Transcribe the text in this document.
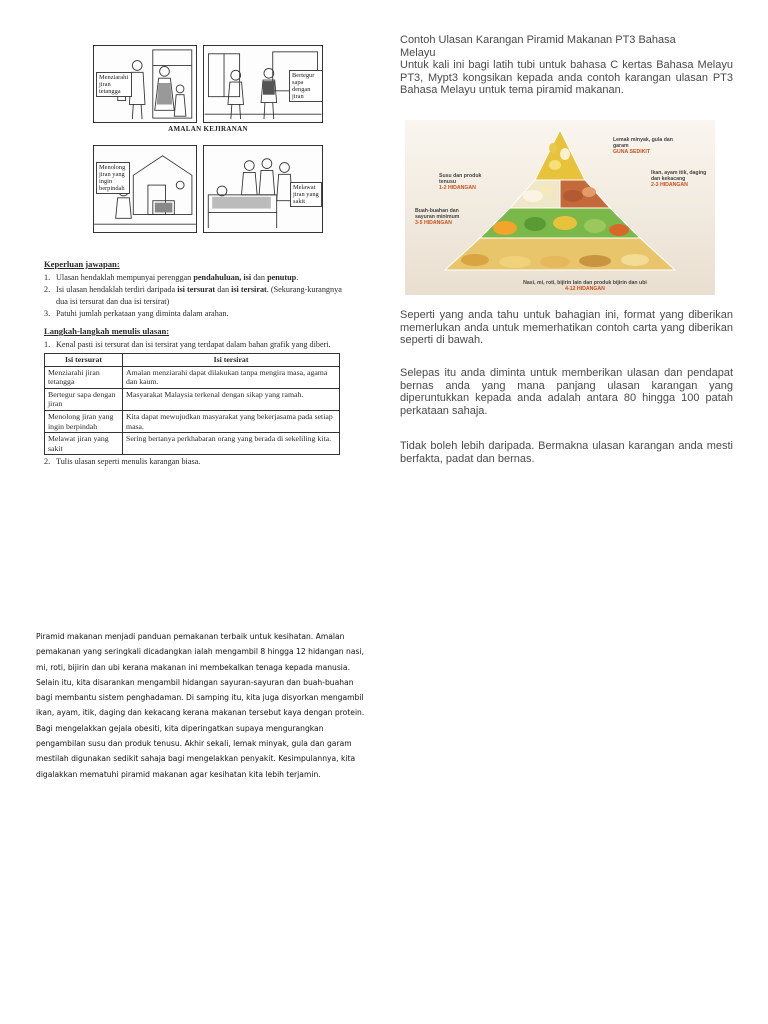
Menziarahi jiran tetangga
Bertegur sapa dengan jiran
AMALAN KEJIRANAN
Menolong jiran yang ingin berpindah	Melawat jiran yang sakit
Keperluan jawapan:
1. Ulasan hendaklah mempunyai perenggan pendahuluan, isi dan penutup.
2. Isi ulasan hendaklah terdiri daripada isi tersurat dan isi tersirat. (Sekurang-kurangnya dua isi tersurat dan dua isi tersirat)
3. Patuhi jumlah perkataan yang diminta dalam arahan.
Langkah-langkah menulis ulasan:
1. Kenal pasti isi tersurat dan isi tersirat yang terdapat dalam bahan grafik yang diberi.
Isi tersurat	Isi tersirat
Menziarahi jiran tetangga	Amalan menziarahi dapat dilakukan tanpa mengira masa, agama dan kaum.
Bertegur sapa dengan jiran	Masyarakat Malaysia terkenal dengan sikap yang ramah.
Menolong jiran yang ingin berpindah	Kita dapat mewujudkan masyarakat yang bekerjasama pada setiap masa.
Melawat jiran yang sakit	Sering bertanya perkhabaran orang yang berada di sekeliling kita.
2. Tulis ulasan seperti menulis karangan biasa.

Contoh Ulasan Karangan Piramid Makanan PT3 Bahasa

Melayu

Untuk kali ini bagi latih tubi untuk bahasa C kertas Bahasa Melayu PT3, Mypt3 kongsikan kepada anda contoh karangan ulasan PT3 Bahasa Melayu untuk tema piramid makanan.

Lemak minyak, gula dan garam
GUNA SEDIKIT
Susu dan produk tenusu
1-2 HIDANGAN
Ikan, ayam itik, daging dan kekacang
2-3 HIDANGAN
Buah-buahan dan sayuran minimum
3-5 HIDANGAN
Nasi, mi, roti, bijirin lain dan produk bijirin dan ubi
4-12 HIDANGAN
Seperti yang anda tahu untuk bahagian ini, format yang diberikan memerlukan anda untuk memerhatikan contoh carta yang diberikan seperti di bawah.
Selepas itu anda diminta untuk memberikan ulasan dan pendapat bernas anda yang mana panjang ulasan karangan yang diperuntukkan kepada anda adalah antara 80 hingga 100 patah perkataan sahaja.
Tidak boleh lebih daripada. Bermakna ulasan karangan anda mesti berfakta, padat dan bernas.
Piramid makanan menjadi panduan pemakanan terbaik untuk kesihatan. Amalan pemakanan yang seringkali dicadangkan ialah mengambil 8 hingga 12 hidangan nasi, mi, roti, bijirin dan ubi kerana makanan ini membekalkan tenaga kepada manusia. Selain itu, kita disarankan mengambil hidangan sayuran-sayuran dan buah-buahan bagi membantu sistem penghadaman. Di samping itu, kita juga disyorkan mengambil ikan, ayam, itik, daging dan kekacang kerana makanan tersebut kaya dengan protein. Bagi mengelakkan gejala obesiti, kita diperingatkan supaya mengurangkan pengambilan susu dan produk tenusu. Akhir sekali, lemak minyak, gula dan garam mestilah digunakan sedikit sahaja bagi mengelakkan penyakit. Kesimpulannya, kita digalakkan mematuhi piramid makanan agar kesihatan kita lebih terjamin.
